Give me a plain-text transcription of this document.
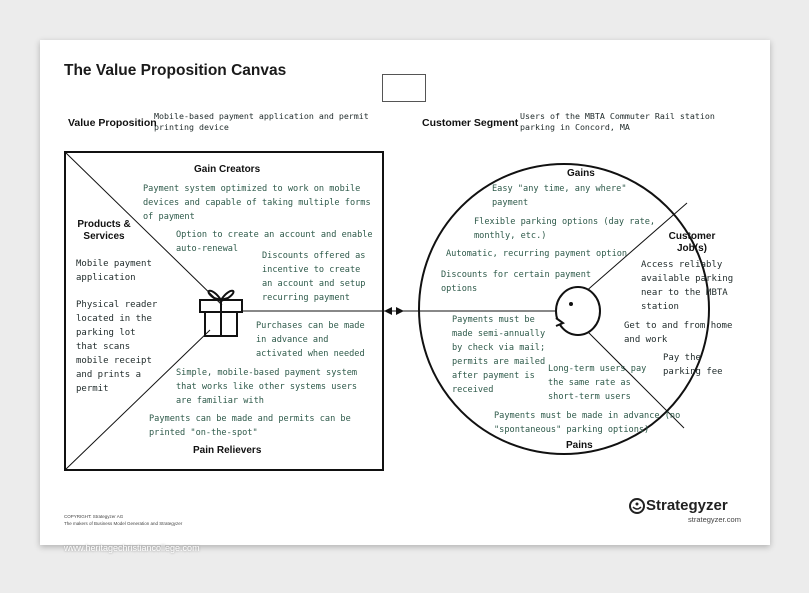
The Value Proposition Canvas
Value Proposition
Mobile-based payment application and permit printing device	Customer Segment
Users of the MBTA Commuter Rail station parking in Concord, MA
Gain Creators
Products & Services
Pain Relievers
Mobile payment application
Physical reader located in the parking lot that scans mobile receipt and prints a permit
Payment system optimized to work on mobile devices and capable of taking multiple forms of payment
Option to create an account and enable auto-renewal
Discounts offered as incentive to create an account and setup recurring payment
Purchases can be made in advance and activated when needed
Simple, mobile-based payment system that works like other systems users are familiar with
Payments can be made and permits can be printed "on-the-spot"
Gains
Customer Job(s)
Pains
Easy "any time, any where" payment
Flexible parking options (day rate, monthly, etc.)
Automatic, recurring payment option
Discounts for certain payment options
Access reliably available parking near to the MBTA station
Get to and from home and work
Pay the parking fee
Payments must be made semi-annually by check via mail; permits are mailed after payment is received
Long-term users pay the same rate as short-term users
Payments must be made in advance (no "spontaneous" parking options)
COPYRIGHT: Strategyzer AG
The makers of Business Model Generation and Strategyzer
www.heritagechristiancollege.com
Strategyzer
strategyzer.com
